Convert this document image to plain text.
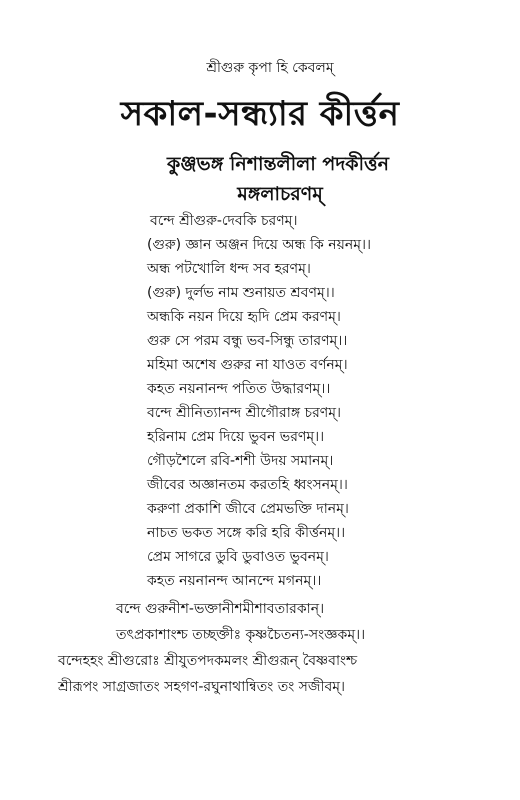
শ্রীগুরু কৃপা হি কেবলম্
সকাল-সন্ধ্যার কীর্ত্তন
কুঞ্জভঙ্গ নিশান্তলীলা পদকীর্ত্তন
মঙ্গলাচরণম্
বন্দে শ্রীগুরু-দেবকি চরণম্।
(গুরু) জ্ঞান অঞ্জন দিয়ে অন্ধ কি নয়নম্।।
অন্ধ পটখোলি ধন্দ সব হরণম্।
(গুরু) দুর্লভ নাম শুনায়ত শ্রবণম্।।
অন্ধকি নয়ন দিয়ে হৃদি প্রেম করণম্।
গুরু সে পরম বন্ধু ভব-সিন্ধু তারণম্।।
মহিমা অশেষ গুরুর না যাওত বর্ণনম্।
কহত নয়নানন্দ পতিত উদ্ধারণম্।।
বন্দে শ্রীনিত্যানন্দ শ্রীগৌরাঙ্গ চরণম্।
হরিনাম প্রেম দিয়ে ভুবন ভরণম্।।
গৌড়শৈলে রবি-শশী উদয় সমানম্।
জীবের অজ্ঞানতম করতহি ধ্বংসনম্।।
করুণা প্রকাশি জীবে প্রেমভক্তি দানম্।
নাচত ভকত সঙ্গে করি হরি কীর্ত্তনম্।।
প্রেম সাগরে ডুবি ডুবাওত ভুবনম্।
কহত নয়নানন্দ আনন্দে মগনম্।।
বন্দে গুরুনীশ-ভক্তানীশমীশাবতারকান্।
তৎপ্রকাশাংশ্চ তচ্ছক্তীঃ কৃষ্ণচৈতন্য-সংজ্ঞকম্।।
বন্দেহহং শ্রীগুরোঃ শ্রীযুতপদকমলং শ্রীগুরূন্ বৈষ্ণবাংশ্চ
শ্রীরূপং সাগ্রজাতং সহগণ-রঘুনাথান্বিতং তং সজীবম্।
